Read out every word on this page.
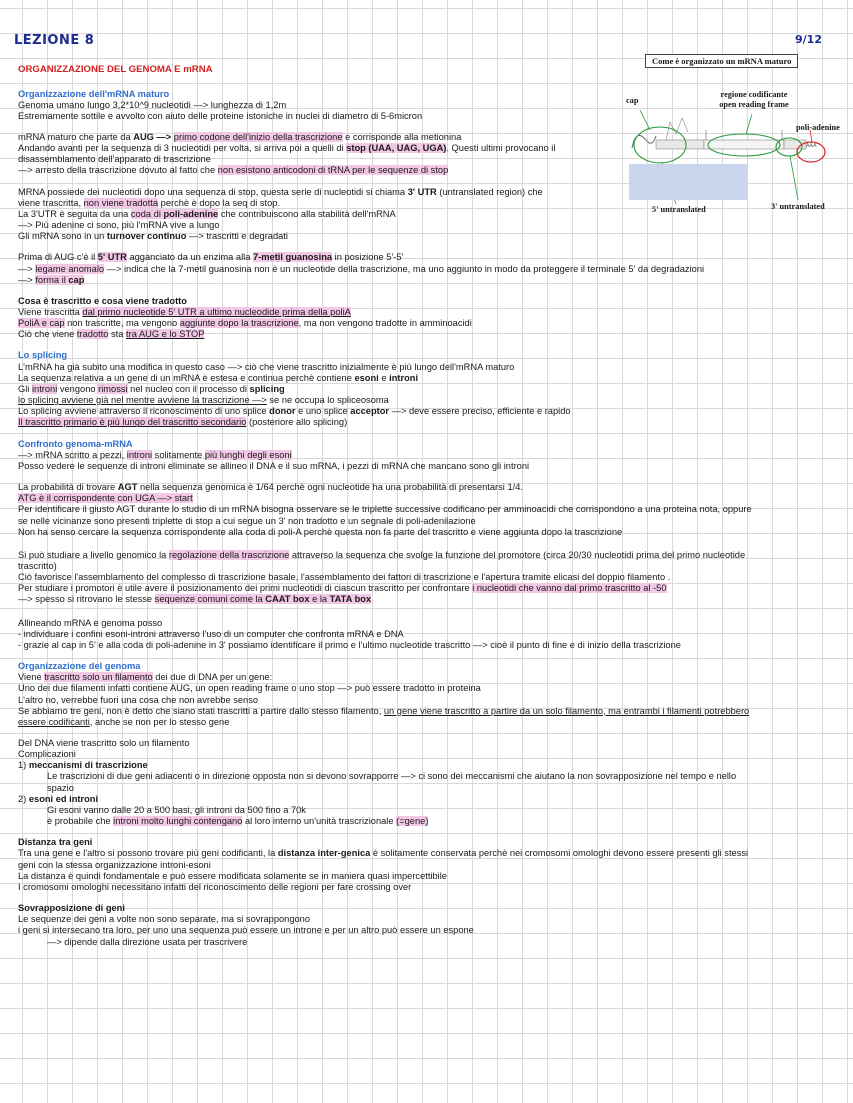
LEZIONE 8	9/12
Come è organizzato un mRNA maturo
cap
regione codificante open reading frame
poli-adenine
5' untranslated	3' untranslated
AAA
ORGANIZZAZIONE DEL GENOMA E mRNA
Organizzazione dell'mRNA maturo
Genoma umano lungo 3,2*10^9 nucleotidi —> lunghezza di 1,2m
Estremamente sottile e avvolto con aiuto delle proteine istoniche in nuclei di diametro di 5-6micron
mRNA maturo che parte da AUG —> primo codone dell'inizio della trascrizione e corrisponde alla metionina
Andando avanti per la sequenza di 3 nucleotidi per volta, si arriva poi a quelli di stop (UAA, UAG, UGA). Questi ultimi provocano il
disassemblamento dell'apparato di trascrizione
—> arresto della trascrizione dovuto al fatto che non esistono anticodoni di tRNA per le sequenze di stop
MRNA possiede dei nucleotidi dopo una sequenza di stop, questa serie di nucleotidi si chiama 3' UTR (untranslated region) che
viene trascritta, non viene tradotta perchè è dopo la seq di stop.
La 3'UTR è seguita da una coda di poli-adenine che contribuiscono alla stabilità dell'mRNA
—> Più adenine ci sono, più l'mRNA vive a lungo
Gli mRNA sono in un turnover continuo —> trascritti e degradati
Prima di AUG c'è il 5' UTR agganciato da un enzima alla 7-metil guanosina in posizione 5'-5'
—> legame anomalo —> indica che la 7-metil guanosina non è un nucleotide della trascrizione, ma uno aggiunto in modo da proteggere il terminale 5' da degradazioni
—> forma il cap
Cosa è trascritto e cosa viene tradotto
Viene trascritta dal primo nucleotide 5' UTR a ultimo nucleodide prima della poliA
PoliA e cap non trascritte, ma vengono aggiunte dopo la trascrizione, ma non vengono tradotte in amminoacidi
Ciò che viene tradotto sta tra AUG e lo STOP
Lo splicing
L'mRNA ha già subito una modifica in questo caso —> ciò che viene trascritto inizialmente è più lungo dell'mRNA maturo
La sequenza relativa a un gene di un mRNA è estesa e continua perchè contiene esoni e introni
Gli introni vengono rimossi nel nucleo con il processo di splicing
lo splicing avviene già nel mentre avviene la trascrizione —> se ne occupa lo spliceosoma
Lo splicing avviene attraverso il riconoscimento di uno splice donor e uno splice acceptor —> deve essere preciso, efficiente e rapido
Il trascritto primario è più lungo del trascritto secondario (posteriore allo splicing)
Confronto genoma-mRNA
—> mRNA scritto a pezzi, introni solitamente più lunghi degli esoni
Posso vedere le sequenze di introni eliminate se allineo il DNA e il suo mRNA, i pezzi di mRNA che mancano sono gli introni
La probabilità di trovare AGT nella sequenza genomica è 1/64 perchè ogni nucleotide ha una probabilità di presentarsi 1/4.
ATG è il corrispondente con UGA —> start
Per identificare il giusto AGT durante lo studio di un mRNA bisogna osservare se le triplette successive codificano per amminoacidi che corrispondono a una proteina nota, oppure
se nelle vicinanze sono presenti triplette di stop a cui segue un 3' non tradotto e un segnale di poli-adenilazione
Non ha senso cercare la sequenza corrispondente alla coda di poli-A perchè questa non fa parte del trascritto e viene aggiunta dopo la trascrizione
Si può studiare a livello genomico la regolazione della trascrizione attraverso la sequenza che svolge la funzione del promotore (circa 20/30 nucleotidi prima del primo nucleotide
trascritto)
Ciò favorisce l'assemblamento del complesso di trascrizione basale, l'assemblamento dei fattori di trascrizione e l'apertura tramite elicasi del doppio filamento .
Per studiare i promotori è utile avere il posizionamento dei primi nucleotidi di ciascun trascritto per confrontare i nucleotidi che vanno dal primo trascritto al -50
—> spesso si ritrovano le stesse sequenze comuni come la CAAT box e la TATA box
Allineando mRNA e genoma posso
- individuare i confini esoni-introni attraverso l'uso di un computer che confronta mRNA e DNA
- grazie al cap in 5' e alla coda di poli-adenine in 3' possiamo identificare il primo e l'ultimo nucleotide trascritto —> cioè il punto di fine e di inizio della trascrizione
Organizzazione del genoma
Viene trascritto solo un filamento dei due di DNA per un gene:
Uno dei due filamenti infatti contiene AUG, un open reading frame o uno stop —> può essere tradotto in proteina
L'altro no, verrebbe fuori una cosa che non avrebbe senso
Se abbiamo tre geni, non è detto che siano stati trascritti a partire dallo stesso filamento, un gene viene trascritto a partire da un solo filamento, ma entrambi i filamenti potrebbero
essere codificanti, anche se non per lo stesso gene
Del DNA viene trascritto solo un filamento
Complicazioni
1) meccanismi di trascrizione
Le trascrizioni di due geni adiacenti o in direzione opposta non si devono sovrapporre —> ci sono dei meccanismi che aiutano la non sovrapposizione nel tempo e nello
spazio
2) esoni ed introni
Gi esoni vanno dalle 20 a 500 basi, gli introni da 500 fino a 70k
è probabile che introni molto lunghi contengano al loro interno un'unità trascrizionale (=gene)
Distanza tra geni
Tra una gene e l'altro si possono trovare più geni codificanti, la distanza inter-genica è solitamente conservata perchè nei cromosomi omologhi devono essere presenti gli stessi
geni con la stessa organizzazione introni-esoni
La distanza è quindi fondamentale e può essere modificata solamente se in maniera quasi impercettibile
I cromosomi omologhi necessitano infatti del riconoscimento delle regioni per fare crossing over
Sovrapposizione di geni
Le sequenze dei geni a volte non sono separate, ma si sovrappongono
i geni si intersecano tra loro, per uno una sequenza può essere un introne e per un altro può essere un espone
—> dipende dalla direzione usata per trascrivere
